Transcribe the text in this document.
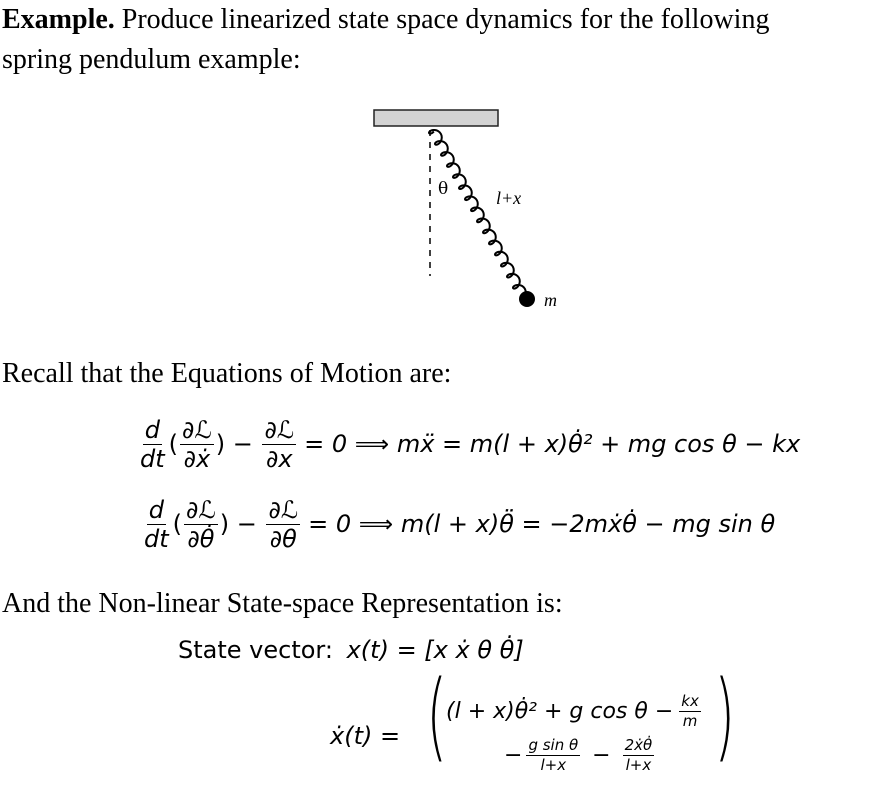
Example. Produce linearized state space dynamics for the following
spring pendulum example:
θ	l+x
m
Recall that the Equations of Motion are:
$\frac{d}{dt}$ ( $\frac{\text{∂ℒ}}{\text{∂ẋ}}$ ) − $\frac{\text{∂ℒ}}{\partial x} = 0$ ⟹ mẍ = m(l + x)θ̇² + mg cos θ − kx
$\frac{d}{dt}$ ( $\frac{\text{∂ℒ}}{\partial\thetȧ}$ ) − $\frac{\text{∂ℒ}}{\partial\theta} = 0$ ⟹ m(l + x)θ̈ = −2mẋθ̇ − mg sin θ
And the Non-linear State-space Representation is:
State vector: x(t) = [x ẋ θ θ̇]
ẋ(t) = (	)
(l + x)θ̇² + g $\cos \theta - \frac{kx}{m}$
− $\frac{\text{g sin θ}}{l+x} - \frac{\text{2ẋθ̇}}{l+x}$
